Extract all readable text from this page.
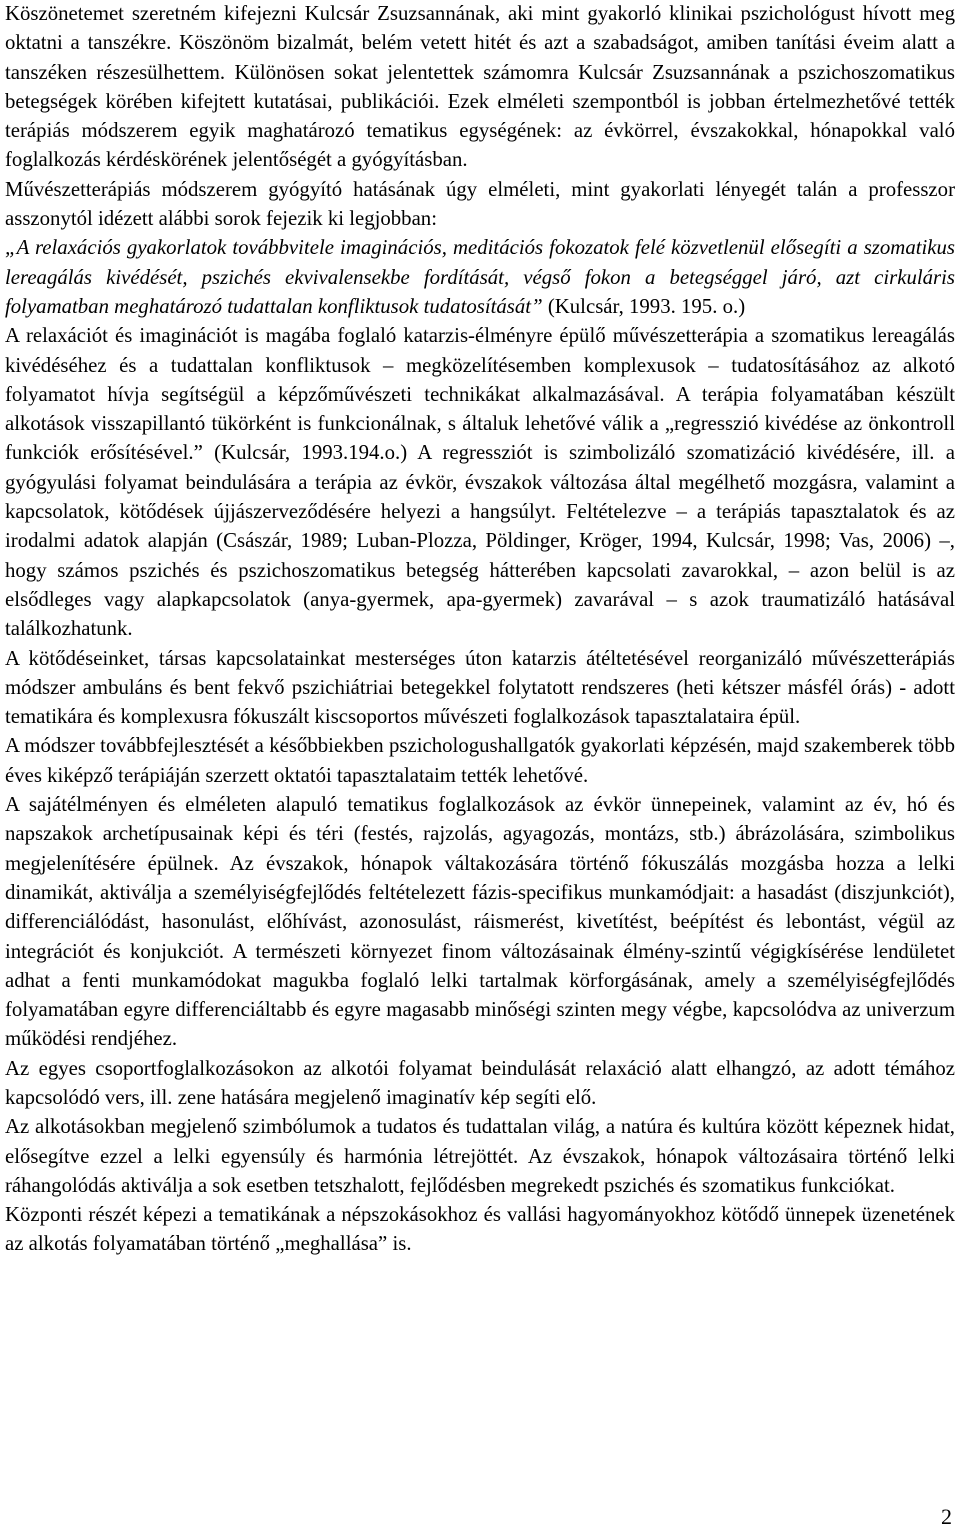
Köszönetemet szeretném kifejezni Kulcsár Zsuzsannának, aki mint gyakorló klinikai pszichológust hívott meg oktatni a tanszékre. Köszönöm bizalmát, belém vetett hitét és azt a szabadságot, amiben tanítási éveim alatt a tanszéken részesülhettem. Különösen sokat jelentettek számomra Kulcsár Zsuzsannának a pszichoszomatikus betegségek körében kifejtett kutatásai, publikációi. Ezek elméleti szempontból is jobban értelmezhetővé tették terápiás módszerem egyik maghatározó tematikus egységének: az évkörrel, évszakokkal, hónapokkal való foglalkozás kérdéskörének jelentőségét a gyógyításban.

Művészetterápiás módszerem gyógyító hatásának úgy elméleti, mint gyakorlati lényegét talán a professzor asszonytól idézett alábbi sorok fejezik ki legjobban:

„A relaxációs gyakorlatok továbbvitele imaginációs, meditációs fokozatok felé közvetlenül elősegíti a szomatikus lereagálás kivédését, pszichés ekvivalensekbe fordítását, végső fokon a betegséggel járó, azt cirkuláris folyamatban meghatározó tudattalan konfliktusok tudatosítását” (Kulcsár, 1993. 195. o.)

A relaxációt és imaginációt is magába foglaló katarzis-élményre épülő művészetterápia a szomatikus lereagálás kivédéséhez és a tudattalan konfliktusok – megközelítésemben komplexusok – tudatosításához az alkotó folyamatot hívja segítségül a képzőművészeti technikákat alkalmazásával. A terápia folyamatában készült alkotások visszapillantó tükörként is funkcionálnak, s általuk lehetővé válik a „regresszió kivédése az önkontroll funkciók erősítésével.” (Kulcsár, 1993.194.o.) A regressziót is szimbolizáló szomatizáció kivédésére, ill. a gyógyulási folyamat beindulására a terápia az évkör, évszakok változása által megélhető mozgásra, valamint a kapcsolatok, kötődések újjászerveződésére helyezi a hangsúlyt. Feltételezve – a terápiás tapasztalatok és az irodalmi adatok alapján (Császár, 1989; Luban-Plozza, Pöldinger, Kröger, 1994, Kulcsár, 1998; Vas, 2006) –, hogy számos pszichés és pszichoszomatikus betegség hátterében kapcsolati zavarokkal, – azon belül is az elsődleges vagy alapkapcsolatok (anya-gyermek, apa-gyermek) zavarával – s azok traumatizáló hatásával találkozhatunk.

A kötődéseinket, társas kapcsolatainkat mesterséges úton katarzis átéltetésével reorganizáló művészetterápiás módszer ambuláns és bent fekvő pszichiátriai betegekkel folytatott rendszeres (heti kétszer másfél órás) - adott tematikára és komplexusra fókuszált kiscsoportos művészeti foglalkozások tapasztalataira épül.

A módszer továbbfejlesztését a későbbiekben pszichologushallgatók gyakorlati képzésén, majd szakemberek több éves kiképző terápiáján szerzett oktatói tapasztalataim tették lehetővé.

A sajátélményen és elméleten alapuló tematikus foglalkozások az évkör ünnepeinek, valamint az év, hó és napszakok archetípusainak képi és téri (festés, rajzolás, agyagozás, montázs, stb.) ábrázolására, szimbolikus megjelenítésére épülnek. Az évszakok, hónapok váltakozására történő fókuszálás mozgásba hozza a lelki dinamikát, aktiválja a személyiségfejlődés feltételezett fázis-specifikus munkamódjait: a hasadást (diszjunkciót), differenciálódást, hasonulást, előhívást, azonosulást, ráismerést, kivetítést, beépítést és lebontást, végül az integrációt és konjukciót. A természeti környezet finom változásainak élmény-szintű végigkísérése lendületet adhat a fenti munkamódokat magukba foglaló lelki tartalmak körforgásának, amely a személyiségfejlődés folyamatában egyre differenciáltabb és egyre magasabb minőségi szinten megy végbe, kapcsolódva az univerzum működési rendjéhez.

Az egyes csoportfoglalkozásokon az alkotói folyamat beindulását relaxáció alatt elhangzó, az adott témához kapcsolódó vers, ill. zene hatására megjelenő imaginatív kép segíti elő.

Az alkotásokban megjelenő szimbólumok a tudatos és tudattalan világ, a natúra és kultúra között képeznek hidat, elősegítve ezzel a lelki egyensúly és harmónia létrejöttét. Az évszakok, hónapok változásaira történő lelki ráhangolódás aktiválja a sok esetben tetszhalott, fejlődésben megrekedt pszichés és szomatikus funkciókat.

Központi részét képezi a tematikának a népszokásokhoz és vallási hagyományokhoz kötődő ünnepek üzenetének az alkotás folyamatában történő „meghallása” is.

2
